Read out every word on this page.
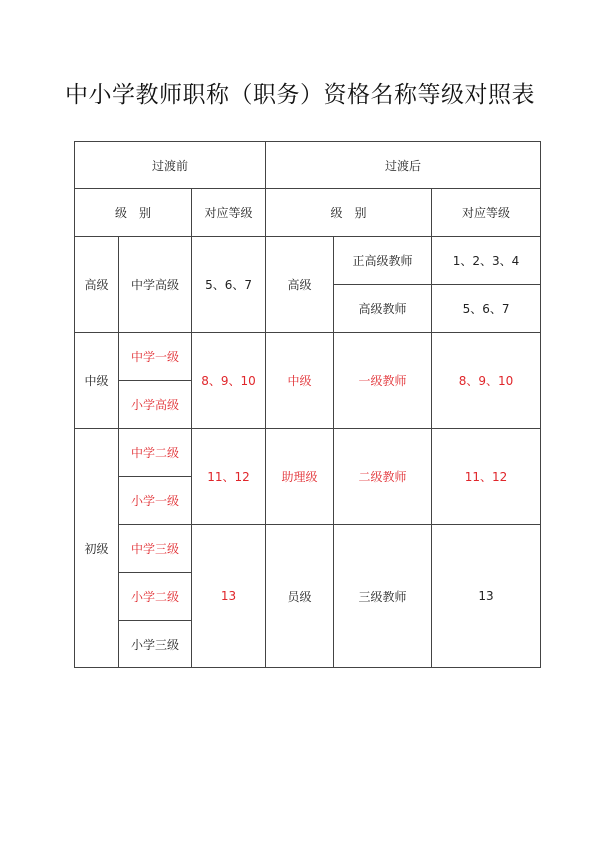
中小学教师职称（职务）资格名称等级对照表
过渡前			过渡后		
级　别		对应等级	级　别		对应等级
高级	中学高级	5、6、7	高级	正高级教师	1、2、3、4
				高级教师	5、6、7
中级	中学一级	8、9、10	中级	一级教师	8、9、10
	小学高级				
初级	中学二级	11、12	助理级	二级教师	11、12
	小学一级				
	中学三级	13	员级	三级教师	13
	小学二级				
	小学三级				
